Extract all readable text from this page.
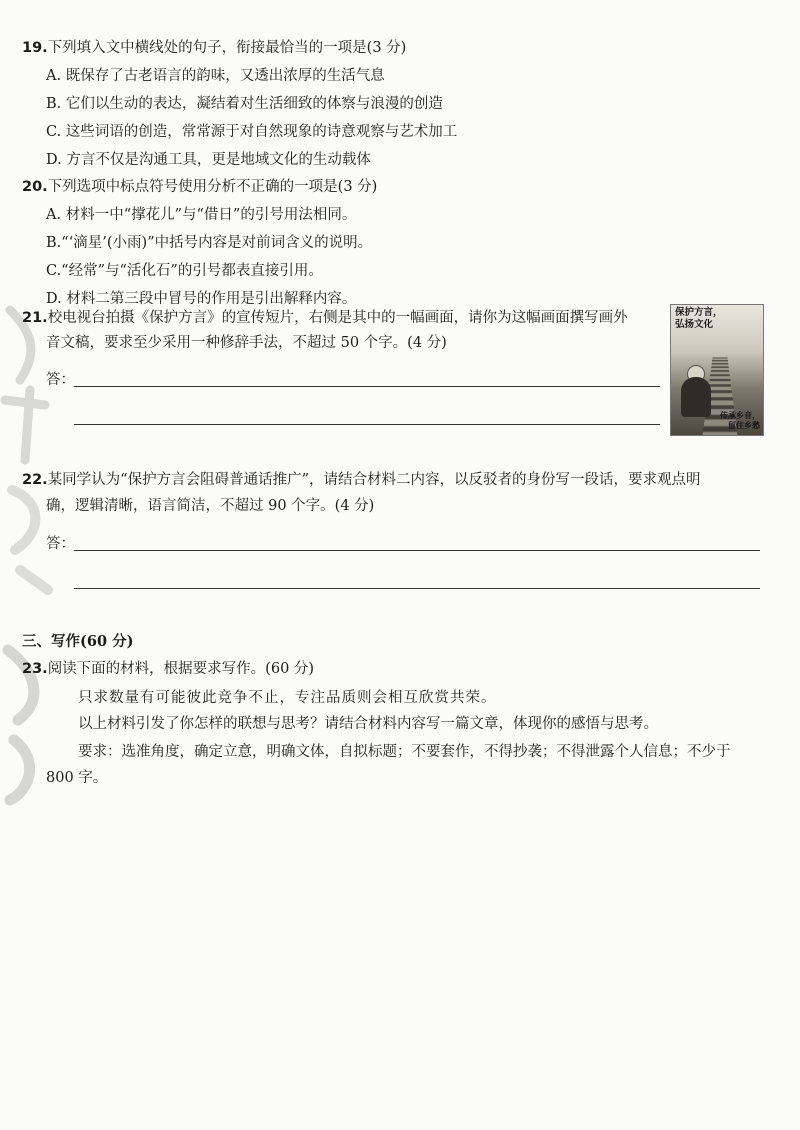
19.下列填入文中横线处的句子，衔接最恰当的一项是(3 分)
A. 既保存了古老语言的韵味，又透出浓厚的生活气息
B. 它们以生动的表达，凝结着对生活细致的体察与浪漫的创造
C. 这些词语的创造，常常源于对自然现象的诗意观察与艺术加工
D. 方言不仅是沟通工具，更是地域文化的生动载体
20.下列选项中标点符号使用分析不正确的一项是(3 分)
A. 材料一中“撑花儿”与“借日”的引号用法相同。
B.“‘滴星’(小雨)”中括号内容是对前词含义的说明。
C.“经常”与“活化石”的引号都表直接引用。
D. 材料二第三段中冒号的作用是引出解释内容。
21.校电视台拍摄《保护方言》的宣传短片，右侧是其中的一幅画面，请你为这幅画面撰写画外
音文稿，要求至少采用一种修辞手法，不超过 50 个字。(4 分)
答：
保护方言，
弘扬文化
传承乡音，
留住乡愁
22.某同学认为“保护方言会阻碍普通话推广”，请结合材料二内容，以反驳者的身份写一段话，要求观点明
确，逻辑清晰，语言简洁，不超过 90 个字。(4 分)
答：
三、写作(60 分)
23.阅读下面的材料，根据要求写作。(60 分)
只求数量有可能彼此竞争不止，专注品质则会相互欣赏共荣。
以上材料引发了你怎样的联想与思考？请结合材料内容写一篇文章，体现你的感悟与思考。
要求：选准角度，确定立意，明确文体，自拟标题；不要套作，不得抄袭；不得泄露个人信息；不少于
800 字。
